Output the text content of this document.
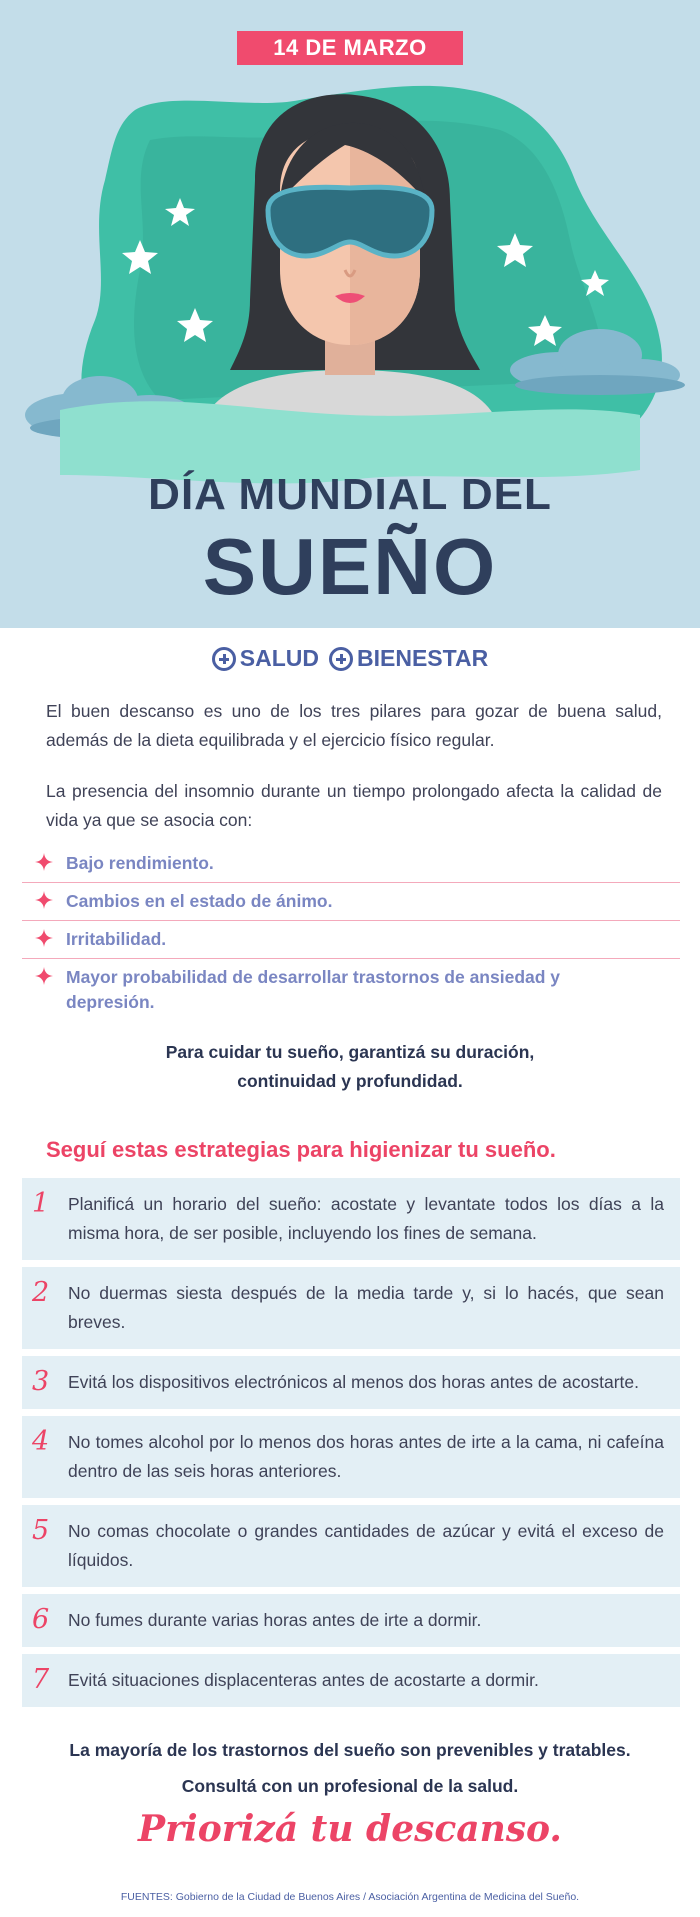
14 DE MARZO
DÍA MUNDIAL DEL
SUEÑO
SALUD BIENESTAR

El buen descanso es uno de los tres pilares para gozar de buena salud, además de la dieta equilibrada y el ejercicio físico regular.

La presencia del insomnio durante un tiempo prolongado afecta la calidad de vida ya que se asocia con:

Bajo rendimiento.
Cambios en el estado de ánimo.
Irritabilidad.
Mayor probabilidad de desarrollar trastornos de ansiedad y depresión.
Para cuidar tu sueño, garantizá su duración,
continuidad y profundidad.
Seguí estas estrategias para higienizar tu sueño.
1	Planificá un horario del sueño: acostate y levantate todos los días a la misma hora, de ser posible, incluyendo los fines de semana.
2	No duermas siesta después de la media tarde y, si lo hacés, que sean breves.
3	Evitá los dispositivos electrónicos al menos dos horas antes de acostarte.
4	No tomes alcohol por lo menos dos horas antes de irte a la cama, ni cafeína dentro de las seis horas anteriores.
5	No comas chocolate o grandes cantidades de azúcar y evitá el exceso de líquidos.
6	No fumes durante varias horas antes de irte a dormir.
7	Evitá situaciones displacenteras antes de acostarte a dormir.
La mayoría de los trastornos del sueño son prevenibles y tratables.
Consultá con un profesional de la salud.
Priorizá tu descanso.
FUENTES: Gobierno de la Ciudad de Buenos Aires / Asociación Argentina de Medicina del Sueño.
